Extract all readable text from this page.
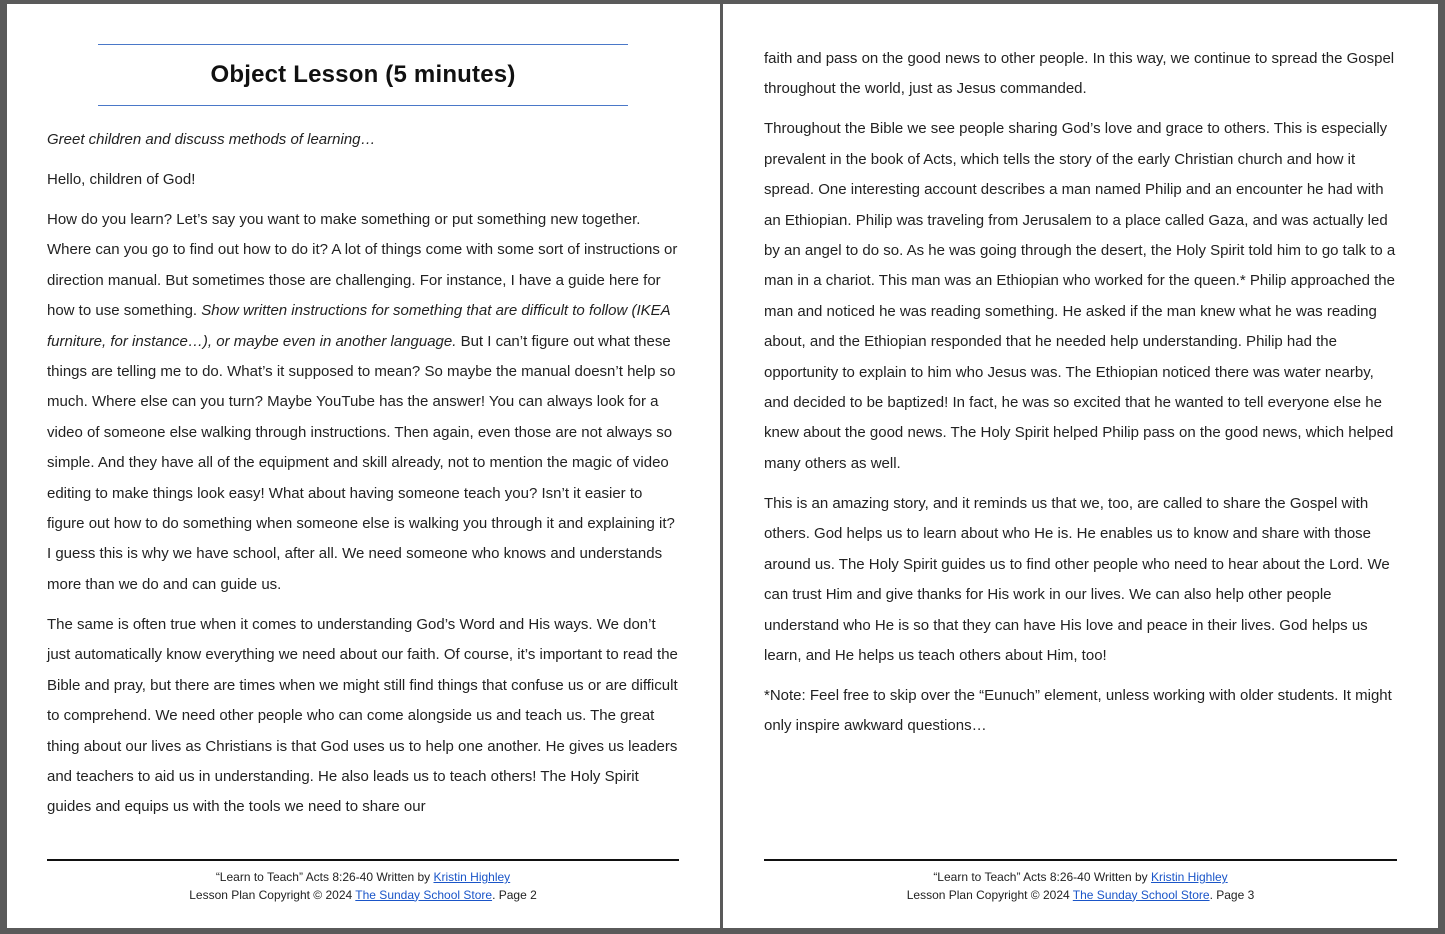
Object Lesson (5 minutes)

Greet children and discuss methods of learning…

Hello, children of God!

How do you learn? Let’s say you want to make something or put something new together. Where can you go to find out how to do it? A lot of things come with some sort of instructions or direction manual. But sometimes those are challenging. For instance, I have a guide here for how to use something. Show written instructions for something that are difficult to follow (IKEA furniture, for instance…), or maybe even in another language. But I can’t figure out what these things are telling me to do. What’s it supposed to mean? So maybe the manual doesn’t help so much. Where else can you turn? Maybe YouTube has the answer! You can always look for a video of someone else walking through instructions. Then again, even those are not always so simple. And they have all of the equipment and skill already, not to mention the magic of video editing to make things look easy! What about having someone teach you? Isn’t it easier to figure out how to do something when someone else is walking you through it and explaining it? I guess this is why we have school, after all. We need someone who knows and understands more than we do and can guide us.

The same is often true when it comes to understanding God’s Word and His ways. We don’t just automatically know everything we need about our faith. Of course, it’s important to read the Bible and pray, but there are times when we might still find things that confuse us or are difficult to comprehend. We need other people who can come alongside us and teach us. The great thing about our lives as Christians is that God uses us to help one another. He gives us leaders and teachers to aid us in understanding. He also leads us to teach others! The Holy Spirit guides and equips us with the tools we need to share our

“Learn to Teach” Acts 8:26-40 Written by Kristin Highley
Lesson Plan Copyright © 2024 The Sunday School Store. Page 2

faith and pass on the good news to other people. In this way, we continue to spread the Gospel throughout the world, just as Jesus commanded.

Throughout the Bible we see people sharing God’s love and grace to others. This is especially prevalent in the book of Acts, which tells the story of the early Christian church and how it spread. One interesting account describes a man named Philip and an encounter he had with an Ethiopian. Philip was traveling from Jerusalem to a place called Gaza, and was actually led by an angel to do so. As he was going through the desert, the Holy Spirit told him to go talk to a man in a chariot. This man was an Ethiopian who worked for the queen.* Philip approached the man and noticed he was reading something. He asked if the man knew what he was reading about, and the Ethiopian responded that he needed help understanding. Philip had the opportunity to explain to him who Jesus was. The Ethiopian noticed there was water nearby, and decided to be baptized! In fact, he was so excited that he wanted to tell everyone else he knew about the good news. The Holy Spirit helped Philip pass on the good news, which helped many others as well.

This is an amazing story, and it reminds us that we, too, are called to share the Gospel with others. God helps us to learn about who He is. He enables us to know and share with those around us. The Holy Spirit guides us to find other people who need to hear about the Lord. We can trust Him and give thanks for His work in our lives. We can also help other people understand who He is so that they can have His love and peace in their lives. God helps us learn, and He helps us teach others about Him, too!

*Note: Feel free to skip over the “Eunuch” element, unless working with older students. It might only inspire awkward questions…

“Learn to Teach” Acts 8:26-40 Written by Kristin Highley
Lesson Plan Copyright © 2024 The Sunday School Store. Page 3
